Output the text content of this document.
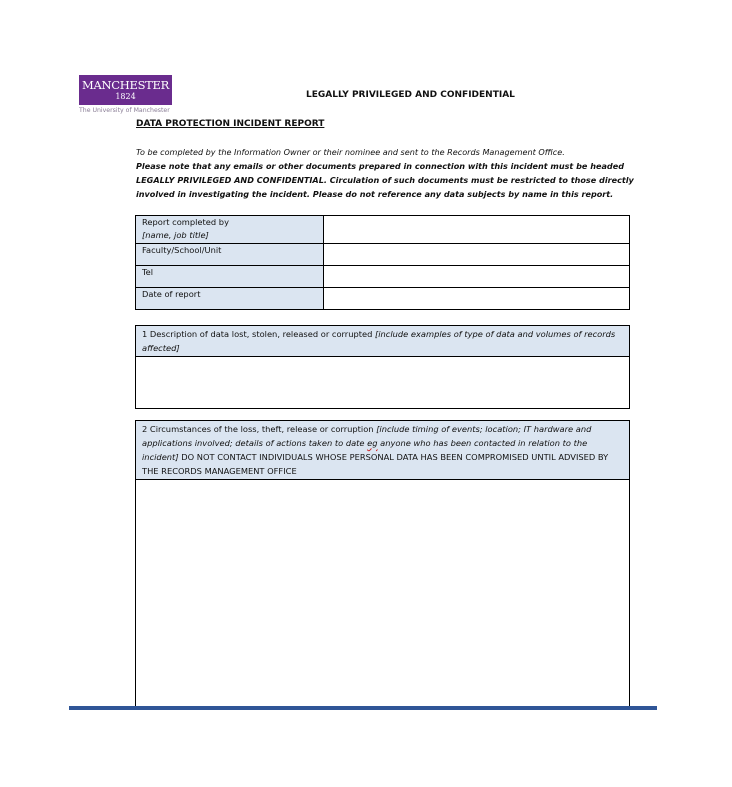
MANCHESTER
1824
The University of Manchester
LEGALLY PRIVILEGED AND CONFIDENTIAL
DATA PROTECTION INCIDENT REPORT
To be completed by the Information Owner or their nominee and sent to the Records Management Office.
Please note that any emails or other documents prepared in connection with this incident must be headed LEGALLY PRIVILEGED AND CONFIDENTIAL. Circulation of such documents must be restricted to those directly involved in investigating the incident. Please do not reference any data subjects by name in this report.
Report completed by
[name, job title]	
Faculty/School/Unit	
Tel	
Date of report	
1 Description of data lost, stolen, released or corrupted [include examples of type of data and volumes of records affected]

2 Circumstances of the loss, theft, release or corruption [include timing of events; location; IT hardware and applications involved; details of actions taken to date eg anyone who has been contacted in relation to the incident] DO NOT CONTACT INDIVIDUALS WHOSE PERSONAL DATA HAS BEEN COMPROMISED UNTIL ADVISED BY THE RECORDS MANAGEMENT OFFICE
